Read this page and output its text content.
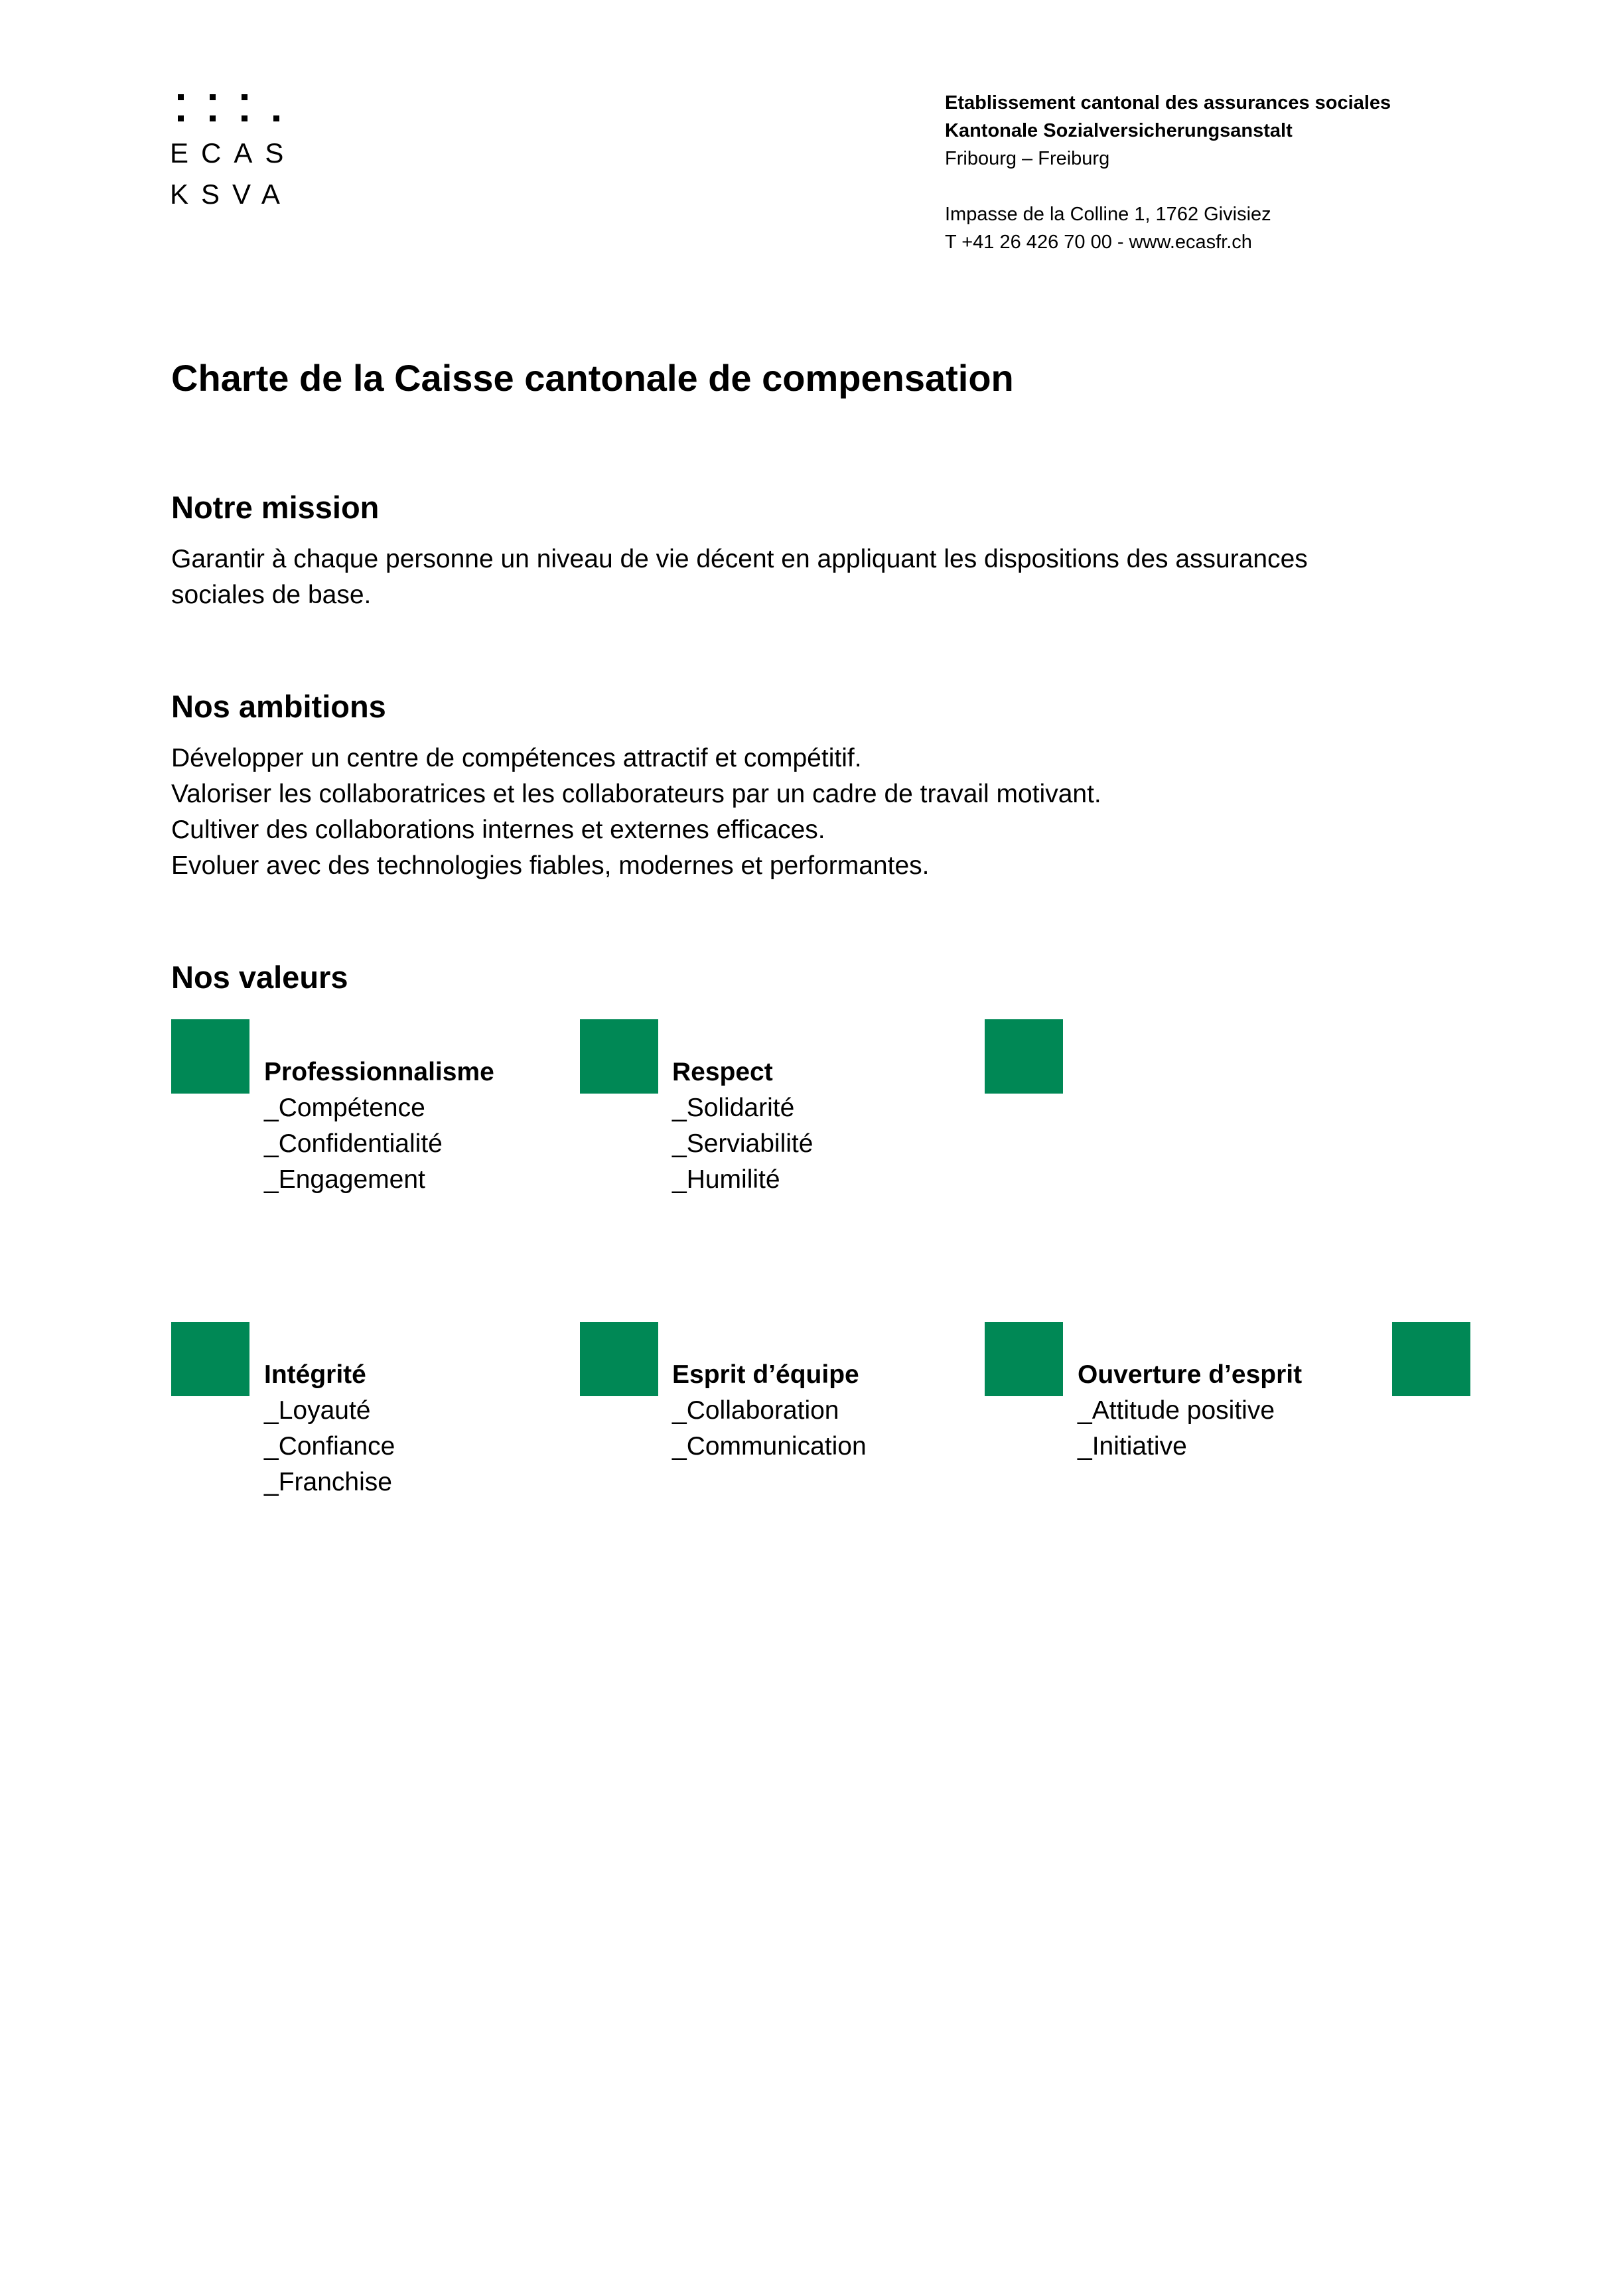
ECAS
KSVA
Etablissement cantonal des assurances sociales
Kantonale Sozialversicherungsanstalt
Fribourg – Freiburg
Impasse de la Colline 1, 1762 Givisiez
T +41 26 426 70 00 - www.ecasfr.ch
Charte de la Caisse cantonale de compensation
Notre mission
Garantir à chaque personne un niveau de vie décent en appliquant les dispositions des assurances
sociales de base.
Nos ambitions
Développer un centre de compétences attractif et compétitif.
Valoriser les collaboratrices et les collaborateurs par un cadre de travail motivant.
Cultiver des collaborations internes et externes efficaces.
Evoluer avec des technologies fiables, modernes et performantes.
Nos valeurs
Professionnalisme
_Compétence
_Confidentialité
_Engagement
Respect
_Solidarité
_Serviabilité
_Humilité
Intégrité
_Loyauté
_Confiance
_Franchise
Esprit d’équipe
_Collaboration
_Communication
Ouverture d’esprit
_Attitude positive
_Initiative
